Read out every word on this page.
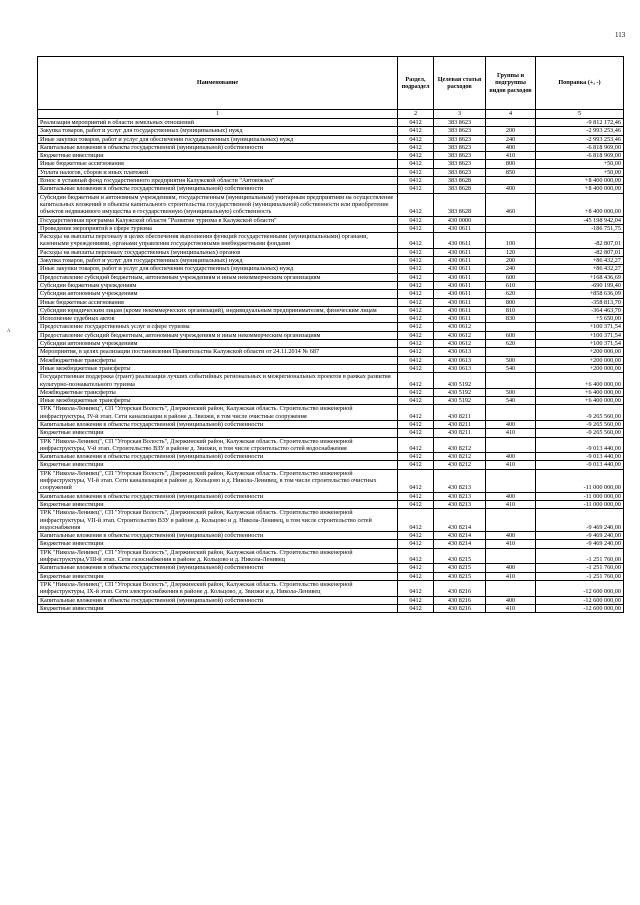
113
ʌ
Наименование	Раздел, подраздел	Целевая статья расходов	Группы и подгруппы видов расходов	Поправка (+, -)
1	2	3	4	5
Реализация мероприятий в области земельных отношений	0412	383 8623		-9 812 172,46
Закупка товаров, работ и услуг для государственных (муниципальных) нужд	0412	383 8623	200	-2 993 253,46
Иные закупки товаров, работ и услуг для обеспечения государственных (муниципальных) нужд	0412	383 8623	240	-2 993 253,46
Капитальные вложения в объекты государственной (муниципальной) собственности	0412	383 8623	400	-6 818 969,00
Бюджетные инвестиции	0412	383 8623	410	-6 818 969,00
Иные бюджетные ассигнования	0412	383 8623	800	+50,00
Уплата налогов, сборов и иных платежей	0412	383 8623	850	+50,00
Взнос в уставный фонд государственного предприятия Калужской области "Автовокзал"	0412	383 8628		+8 400 000,00
Капитальные вложения в объекты государственной (муниципальной) собственности	0412	383 8628	400	+8 400 000,00
Субсидии бюджетным и автономным учреждениям, государственным (муниципальным) унитарным предприятиям на осуществление капитальных вложений в объекты капитального строительства государственной (муниципальной) собственности или приобретение объектов недвижимого имущества в государственную (муниципальную) собственность	0412	383 8628	460	+8 400 000,00
Государственная программа Калужской области "Развитие туризма в Калужской области"	0412	430 0000		-45 198 942,04
Проведение мероприятий в сфере туризма	0412	430 0611		-186 751,75
Расходы на выплаты персоналу в целях обеспечения выполнения функций государственными (муниципальными) органами, казенными учреждениями, органами управления государственными внебюджетными фондами	0412	430 0611	100	-82 807,01
Расходы на выплаты персоналу государственных (муниципальных) органов	0412	430 0611	120	-82 807,01
Закупка товаров, работ и услуг для государственных (муниципальных) нужд	0412	430 0611	200	+86 432,27
Иные закупки товаров, работ и услуг для обеспечения государственных (муниципальных) нужд	0412	430 0611	240	+86 432,27
Предоставление субсидий бюджетным, автономным учреждениям и иным некоммерческим организациям	0412	430 0611	600	+168 436,69
Субсидии бюджетным учреждениям	0412	430 0611	610	-690 199,40
Субсидии автономным учреждениям	0412	430 0611	620	+858 636,09
Иные бюджетные ассигнования	0412	430 0611	800	-358 813,70
Субсидии юридическим лицам (кроме некоммерческих организаций), индивидуальным предпринимателям, физическим лицам	0412	430 0611	810	-364 463,70
Исполнение судебных актов	0412	430 0611	830	+5 650,00
Предоставление государственных услуг в сфере туризма	0412	430 0612		+100 371,54
Предоставление субсидий бюджетным, автономным учреждениям и иным некоммерческим организациям	0412	430 0612	600	+100 371,54
Субсидии автономным учреждениям	0412	430 0612	620	+100 371,54
Мероприятия, в целях реализации постановления Правительства Калужской области от 24.11.2014 № 687	0412	430 0613		+200 000,00
Межбюджетные трансферты	0412	430 0613	500	+200 000,00
Иные межбюджетные трансферты	0412	430 0613	540	+200 000,00
Государственная поддержка (грант) реализации лучших событийных региональных и межрегиональных проектов в рамках развития культурно-познавательного туризма	0412	430 5192		+6 400 000,00
Межбюджетные трансферты	0412	430 5192	500	+6 400 000,00
Иные межбюджетные трансферты	0412	430 5192	540	+6 400 000,00
ТРК "Никола-Ленивец", СП "Угорская Волость", Дзержинский район, Калужская область. Строительство инженерной инфраструктуры, IV-й этап. Сети канализации в районе д. Звизжи, в том числе очистные сооружения	0412	430 8211		-9 265 560,00
Капитальные вложения в объекты государственной (муниципальной) собственности	0412	430 8211	400	-9 265 560,00
Бюджетные инвестиции	0412	430 8211	410	-9 265 560,00
ТРК "Никола-Ленивец", СП "Угорская Волость", Дзержинский район, Калужская область. Строительство инженерной инфраструктуры, V-й этап. Строительство ВЗУ в районе д. Звизжи, в том числе строительство сетей водоснабжения	0412	430 8212		-9 013 440,00
Капитальные вложения в объекты государственной (муниципальной) собственности	0412	430 8212	400	-9 013 440,00
Бюджетные инвестиции	0412	430 8212	410	-9 013 440,00
ТРК "Никола-Ленивец", СП "Угорская Волость", Дзержинский район, Калужская область. Строительство инженерной инфраструктуры, VI-й этап. Сети канализации в районе д. Кольцово и д. Никола-Ленивец, в том числе строительство очистных сооружений	0412	430 8213		-11 000 000,00
Капитальные вложения в объекты государственной (муниципальной) собственности	0412	430 8213	400	-11 000 000,00
Бюджетные инвестиции	0412	430 8213	410	-11 000 000,00
ТРК "Никола-Ленивец", СП "Угорская Волость", Дзержинский район, Калужская область. Строительство инженерной инфраструктуры, VII-й этап. Строительство ВЗУ в районе д. Кольцово и д. Никола-Ленивец, в том числе строительство сетей водоснабжения	0412	430 8214		-9 469 240,00
Капитальные вложения в объекты государственной (муниципальной) собственности	0412	430 8214	400	-9 469 240,00
Бюджетные инвестиции	0412	430 8214	410	-9 469 240,00
ТРК "Никола-Ленивец", СП "Угорская Волость", Дзержинский район, Калужская область. Строительство инженерной инфраструктуры,VIII-й этап. Сети газоснабжения в районе д. Кольцово и д. Никола-Ленивец	0412	430 8215		-1 251 760,00
Капитальные вложения в объекты государственной (муниципальной) собственности	0412	430 8215	400	-1 251 760,00
Бюджетные инвестиции	0412	430 8215	410	-1 251 760,00
ТРК "Никола-Ленивец", СП "Угорская Волость", Дзержинский район, Калужская область. Строительство инженерной инфраструктуры, IX-й этап. Сети электроснабжения в районе д. Кольцово, д. Звизжи и д. Никола-Ленивец	0412	430 8216		-12 600 000,00
Капитальные вложения в объекты государственной (муниципальной) собственности	0412	430 8216	400	-12 600 000,00
Бюджетные инвестиции	0412	430 8216	410	-12 600 000,00
